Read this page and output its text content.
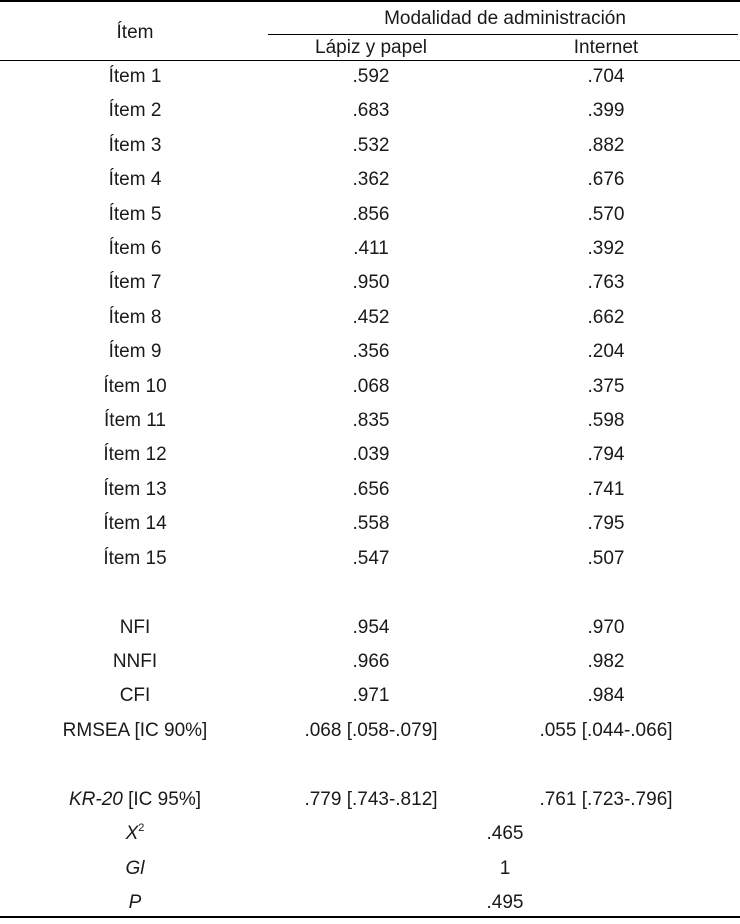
Ítem
Modalidad de administración
Lápiz y papel	Internet
Ítem 1	.592	.704
Ítem 2	.683	.399
Ítem 3	.532	.882
Ítem 4	.362	.676
Ítem 5	.856	.570
Ítem 6	.411	.392
Ítem 7	.950	.763
Ítem 8	.452	.662
Ítem 9	.356	.204
Ítem 10	.068	.375
Ítem 11	.835	.598
Ítem 12	.039	.794
Ítem 13	.656	.741
Ítem 14	.558	.795
Ítem 15	.547	.507
NFI	.954	.970
NNFI	.966	.982
CFI	.971	.984
RMSEA [IC 90%]	.068 [.058-.079]	.055 [.044-.066]
KR-20 [IC 95%]	.779 [.743-.812]	.761 [.723-.796]
$X^2$	.465
Gl	1
P	.495
